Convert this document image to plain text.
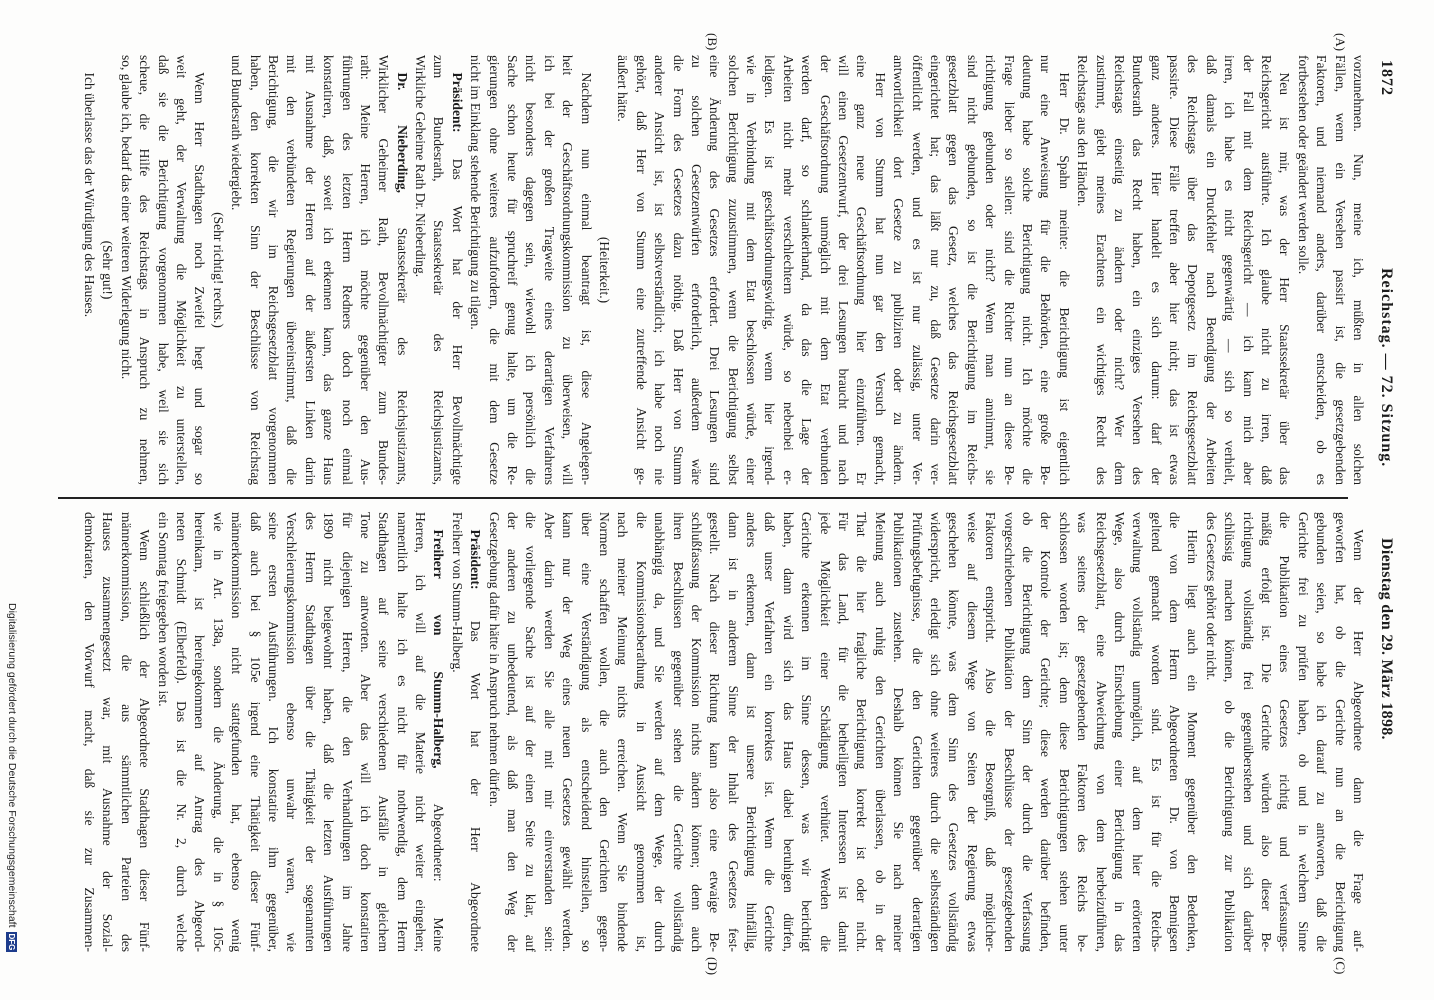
1872
Reichstag. — 72. Sitzung.
Dienstag den 29. März 1898.
(A)
(B)
(C)
(D)
vorzunehmen. Nun, meine ich, müßten in allen solchen
Fällen, wenn ein Versehen passirt ist, die gesetzgebenden
Faktoren, und niemand anders, darüber entscheiden, ob es
fortbestehen oder geändert werden solle.
Neu ist mir, was der Herr Staatssekretär über das
Reichsgericht ausführte. Ich glaube nicht zu irren, daß
der Fall mit dem Reichsgericht — ich kann mich aber
irren, ich habe es nicht gegenwärtig — sich so verhielt,
daß damals ein Druckfehler nach Beendigung der Arbeiten
des Reichstags über das Depotgesetz im Reichsgesetzblatt
passirte. Diese Fälle treffen aber hier nicht; das ist etwas
ganz anderes. Hier handelt es sich darum: darf der
Bundesrath das Recht haben, ein einziges Versehen des
Reichstags einseitig zu ändern oder nicht? Wer dem
zustimmt, giebt meines Erachtens ein wichtiges Recht des
Reichstags aus den Händen.
Herr Dr. Spahn meinte: die Berichtigung ist eigentlich
nur eine Anweisung für die Behörden, eine große Be-
deutung habe solche Berichtigung nicht. Ich möchte die
Frage lieber so stellen: sind die Richter nun an diese Be-
richtigung gebunden oder nicht? Wenn man annimmt, sie
sind nicht gebunden, so ist die Berichtigung im Reichs-
gesetzblatt gegen das Gesetz, welches das Reichsgesetzblatt
eingerichtet hat; das läßt nur zu, daß Gesetze darin ver-
öffentlicht werden, und es ist nur zulässig, unter Ver-
antwortlichkeit dort Gesetze zu publiziren oder zu ändern.
Herr von Stumm hat nun gar den Versuch gemacht,
eine ganz neue Geschäftsordnung hier einzuführen. Er
will einen Gesetzentwurf, der drei Lesungen braucht und nach
der Geschäftsordnung unmöglich mit dem Etat verbunden
werden darf, so schlankerhand, da das die Lage der
Arbeiten nicht mehr verschlechtern würde, so nebenbei er-
ledigen. Es ist geschäftsordnungswidrig, wenn hier irgend-
wie in Verbindung mit dem Etat beschlossen würde, einer
solchen Berichtigung zuzustimmen, wenn die Berichtigung selbst
eine Änderung des Gesetzes erfordert. Drei Lesungen sind
zu solchen Gesetzentwürfen erforderlich, außerdem wäre
die Form des Gesetzes dazu nöthig. Daß Herr von Stumm
anderer Ansicht ist, ist selbstverständlich; ich habe noch nie
gehört, daß Herr von Stumm eine zutreffende Ansicht ge-
äußert hätte.
(Heiterkeit.)
Nachdem nun einmal beantragt ist, diese Angelegen-
heit der Geschäftsordnungskommission zu überweisen, will
ich bei der großen Tragweite eines derartigen Verfahrens
nicht besonders dagegen sein, wiewohl ich persönlich die
Sache schon heute für spruchreif genug halte, um die Re-
gierungen ohne weiteres aufzufordern, die mit dem Gesetze
nicht im Einklang stehende Berichtigung zu tilgen.
Präsident: Das Wort hat der Herr Bevollmächtigte
zum Bundesrath, Staatssekretär des Reichsjustizamts,
Wirkliche Geheime Rath Dr. Nieberding.
Dr. Nieberding, Staatssekretär des Reichsjustizamts,
Wirklicher Geheimer Rath, Bevollmächtigter zum Bundes-
rath: Meine Herren, ich möchte gegenüber den Aus-
führungen des letzten Herrn Redners doch noch einmal
konstatiren, daß, soweit ich erkennen kann, das ganze Haus
mit Ausnahme der Herren auf der äußersten Linken darin
mit den verbündeten Regierungen übereinstimmt, daß die
Berichtigung, die wir im Reichsgesetzblatt vorgenommen
haben, den korrekten Sinn der Beschlüsse von Reichstag
und Bundesrath wiedergiebt.
(Sehr richtig! rechts.)
Wenn Herr Stadthagen noch Zweifel hegt und sogar so
weit geht, der Verwaltung die Möglichkeit zu unterstellen,
daß sie die Berichtigung vorgenommen habe, weil sie sich
scheue, die Hilfe des Reichstags in Anspruch zu nehmen,
so, glaube ich, bedarf das einer weiteren Widerlegung nicht.
(Sehr gut!)
Ich überlasse das der Würdigung des Hauses.
Wenn der Herr Abgeordnete dann die Frage auf-
geworfen hat, ob die Gerichte nun an die Berichtigung
gebunden seien, so habe ich darauf zu antworten, daß die
Gerichte frei zu prüfen haben, ob und in welchem Sinne
die Publikation eines Gesetzes richtig und verfassungs-
mäßig erfolgt ist. Die Gerichte würden also dieser Be-
richtigung vollständig frei gegenüberstehen und sich darüber
schlüssig machen können, ob die Berichtigung zur Publikation
des Gesetzes gehört oder nicht.
Hierin liegt auch ein Moment gegenüber den Bedenken,
die von dem Herrn Abgeordneten Dr. von Bennigsen
geltend gemacht worden sind. Es ist für die Reichs-
verwaltung vollständig unmöglich, auf dem hier erörterten
Wege, also durch Einschiebung einer Berichtigung in das
Reichsgesetzblatt, eine Abweichung von dem herbeizuführen,
was seitens der gesetzgebenden Faktoren des Reichs be-
schlossen worden ist; denn diese Berichtigungen stehen unter
der Kontrole der Gerichte; diese werden darüber befinden,
ob die Berichtigung dem Sinn der durch die Verfassung
vorgeschriebenen Publikation der Beschlüsse der gesetzgebenden
Faktoren entspricht. Also die Besorgniß, daß möglicher-
weise auf diesem Wege von Seiten der Regierung etwas
geschehen könnte, was dem Sinn des Gesetzes vollständig
widerspricht, erledigt sich ohne weiteres durch die selbstständigen
Prüfungsbefugnisse, die den Gerichten gegenüber derartigen
Publikationen zustehen. Deshalb können Sie nach meiner
Meinung auch ruhig den Gerichten überlassen, ob in der
That die hier fragliche Berichtigung korrekt ist oder nicht.
Für das Land, für die betheiligten Interessen ist damit
jede Möglichkeit einer Schädigung verhütet. Werden die
Gerichte erkennen im Sinne dessen, was wir berichtigt
haben, dann wird sich das Haus dabei beruhigen dürfen,
daß unser Verfahren ein korrektes ist. Wenn die Gerichte
anders erkennen, dann ist unsere Berichtigung hinfällig,
dann ist in anderem Sinne der Inhalt des Gesetzes fest-
gestellt. Nach dieser Richtung kann also eine etwaige Be-
schlußfassung der Kommission nichts ändern können; denn auch
ihren Beschlüssen gegenüber stehen die Gerichte vollständig
unabhängig da, und Sie werden auf dem Wege, der durch
die Kommissionsberathung in Aussicht genommen ist,
nach meiner Meinung nichts erreichen. Wenn Sie bindende
Normen schaffen wollen, die auch den Gerichten gegen-
über eine Verständigung als entscheidend hinstellen, so
kann nur der Weg eines neuen Gesetzes gewählt werden.
Aber darin werden Sie alle mit mir einverstanden sein:
die vorliegende Sache ist auf der einen Seite zu klar, auf
der anderen zu unbedeutend, als daß man den Weg der
Gesetzgebung dafür hätte in Anspruch nehmen dürfen.
Präsident: Das Wort hat der Herr Abgeordnete
Freiherr von Stumm-Halberg.
Freiherr von Stumm-Halberg, Abgeordneter: Meine
Herren, ich will auf die Materie nicht weiter eingehen;
namentlich halte ich es nicht für nothwendig, dem Herrn
Stadthagen auf seine verschiedenen Ausfälle in gleichem
Tone zu antworten. Aber das will ich doch konstatiren
für diejenigen Herren, die den Verhandlungen im Jahre
1890 nicht beigewohnt haben, daß die letzten Ausführungen
des Herrn Stadthagen über die Thätigkeit der sogenannten
Verschleierungskommission ebenso unwahr waren, wie
seine ersten Ausführungen. Ich konstatire ihm gegenüber,
daß auch bei § 105e irgend eine Thätigkeit dieser Fünf-
männerkommission nicht stattgefunden hat, ebenso wenig
wie in Art. 138a, sondern die Änderung, die in § 105c
hereinkam, ist hereingekommen auf Antrag des Abgeord-
neten Schmidt (Elberfeld). Das ist die Nr. 2, durch welche
ein Sonntag freigegeben worden ist.
Wenn schließlich der Abgeordnete Stadthagen dieser Fünf-
männerkommission, die aus sämmtlichen Parteien des
Hauses zusammengesetzt war, mit Ausnahme der Sozial-
demokraten, den Vorwurf macht, daß sie zur Zusammen-
Digitalisierung gefördert durch die Deutsche ForschungsgemeinschaftDFG
